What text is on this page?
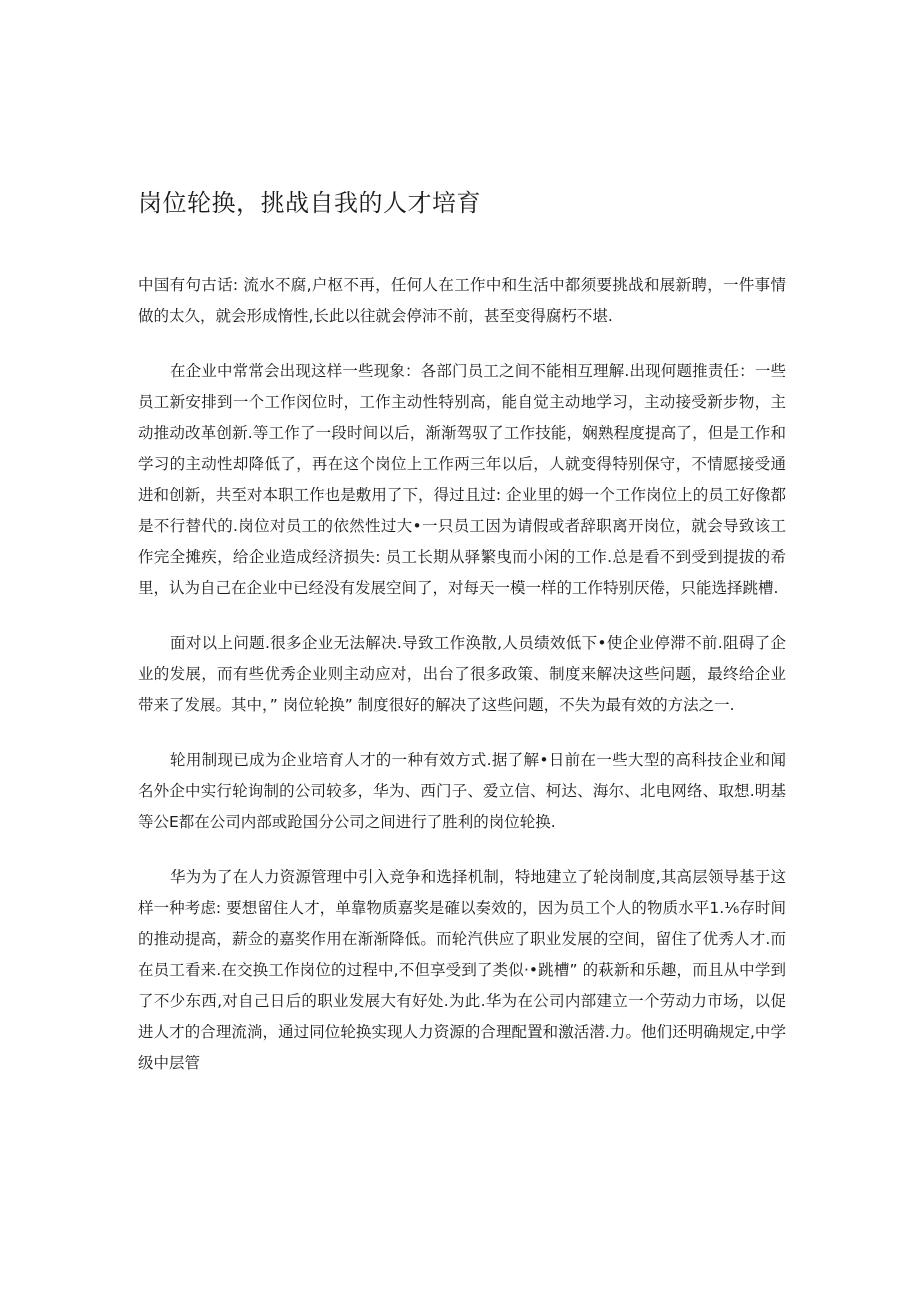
岗位轮换，挑战自我的人才培育

中国有句古话: 流水不腐,户枢不再，任何人在工作中和生活中都须要挑战和展新聘，一件事情做的太久，就会形成惰性,长此以往就会停沛不前，甚至变得腐朽不堪.

在企业中常常会出现这样一些现象：各部门员工之间不能相互理解.出现何题推责任：一些员工新安排到一个工作闵位时，工作主动性特别高，能自觉主动地学习，主动接受新步物，主动推动改革创新.等工作了一段时间以后，渐渐驾驭了工作技能，娴熟程度提高了，但是工作和学习的主动性却降低了，再在这个岗位上工作两三年以后，人就变得特别保守，不情愿接受通进和创新，共至对本职工作也是敷用了下，得过且过: 企业里的姆一个工作岗位上的员工好像都是不行替代的.岗位对员工的依然性过大•一只员工因为请假或者辞职离开岗位，就会导致该工作完全摊疾，给企业造成经济损失: 员工长期从驿繁曳而小闲的工作.总是看不到受到提拔的希里，认为自己在企业中已经没有发展空间了，对每天一模一样的工作特别厌倦，只能选择跳槽.

面对以上问题.很多企业无法解决.导致工作涣散,人员绩效低下•使企业停滞不前.阻碍了企业的发展，而有些优秀企业则主动应对，出台了很多政策、制度来解决这些问题，最终给企业带来了发展。其中，” 岗位轮换” 制度很好的解决了这些问题，不失为最有效的方法之一.

轮用制现已成为企业培育人才的一种有效方式.据了解•日前在一些大型的高科技企业和闻名外企中实行轮询制的公司较多，华为、西门子、爱立信、柯达、海尔、北电网络、取想.明基等公E都在公司内部或跄国分公司之间进行了胜利的岗位轮换.

华为为了在人力资源管理中引入竞争和选择机制，特地建立了轮岗制度,其高层领导基于这样一种考虑: 要想留住人才，单靠物质嘉奖是確以奏效的，因为员工个人的物质水平1.⅙存时间的推动提高，薪佥的嘉奖作用在渐渐降低。而轮汽供应了职业发展的空间，留住了优秀人才.而在员工看来.在交换工作岗位的过程中,不但享受到了类似·•跳槽” 的萩新和乐趣，而且从中学到了不少东西,对自己日后的职业发展大有好处.为此.华为在公司内部建立一个劳动力市场，以促进人才的合理流淌，通过同位轮换实现人力资源的合理配置和激活潜.力。他们还明确规定,中学级中层管
